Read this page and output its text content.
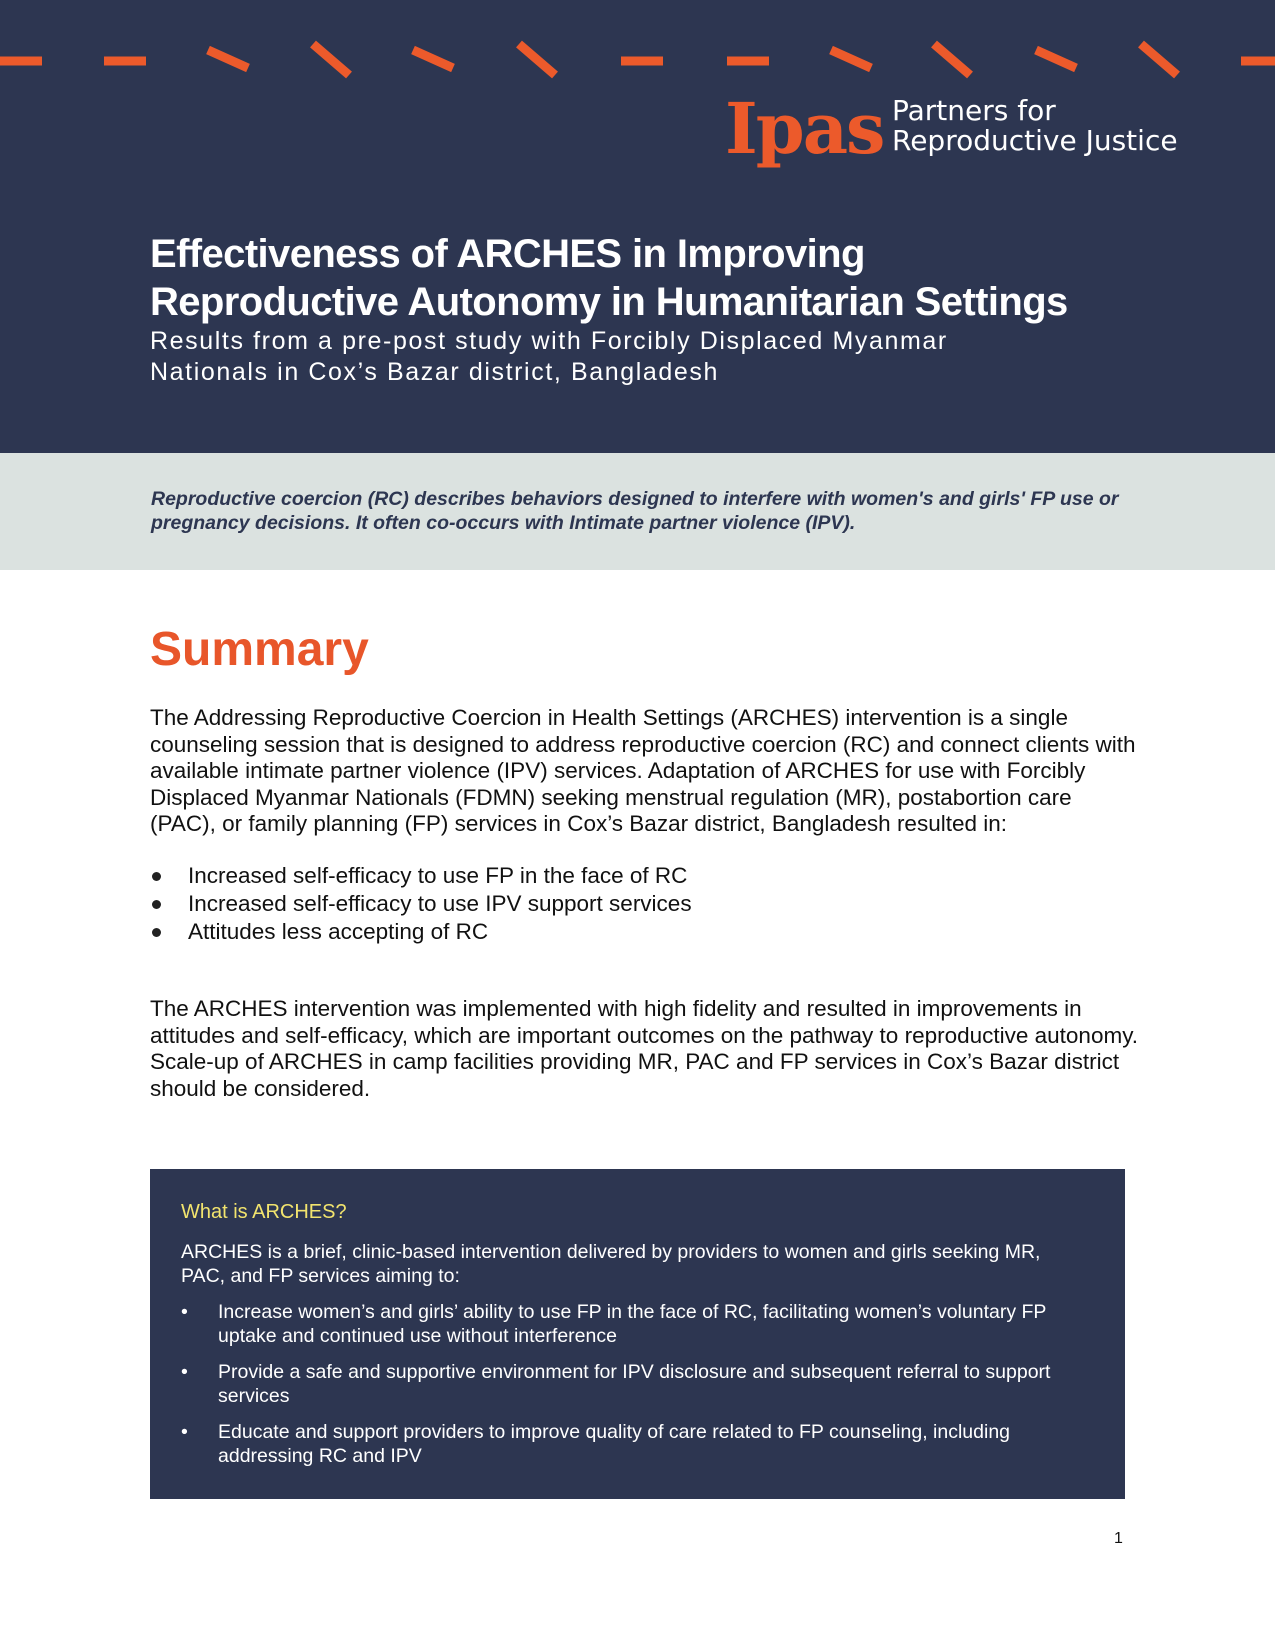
Ipas Partners for
Reproductive Justice
Effectiveness of ARCHES in Improving
Reproductive Autonomy in Humanitarian Settings

Results from a pre-post study with Forcibly Displaced Myanmar
Nationals in Cox’s Bazar district, Bangladesh

Reproductive coercion (RC) describes behaviors designed to interfere with women's and girls' FP use or pregnancy decisions. It often co-occurs with Intimate partner violence (IPV).

Summary

The Addressing Reproductive Coercion in Health Settings (ARCHES) intervention is a single counseling session that is designed to address reproductive coercion (RC) and connect clients with available intimate partner violence (IPV) services. Adaptation of ARCHES for use with Forcibly Displaced Myanmar Nationals (FDMN) seeking menstrual regulation (MR), postabortion care (PAC), or family planning (FP) services in Cox’s Bazar district, Bangladesh resulted in:

Increased self-efficacy to use FP in the face of RC
Increased self-efficacy to use IPV support services
Attitudes less accepting of RC

The ARCHES intervention was implemented with high fidelity and resulted in improvements in attitudes and self-efficacy, which are important outcomes on the pathway to reproductive autonomy. Scale-up of ARCHES in camp facilities providing MR, PAC and FP services in Cox’s Bazar district should be considered.

What is ARCHES?

ARCHES is a brief, clinic-based intervention delivered by providers to women and girls seeking MR, PAC, and FP services aiming to:

• Increase women’s and girls’ ability to use FP in the face of RC, facilitating women’s voluntary FP uptake and continued use without interference
• Provide a safe and supportive environment for IPV disclosure and subsequent referral to support services
• Educate and support providers to improve quality of care related to FP counseling, including addressing RC and IPV
1
